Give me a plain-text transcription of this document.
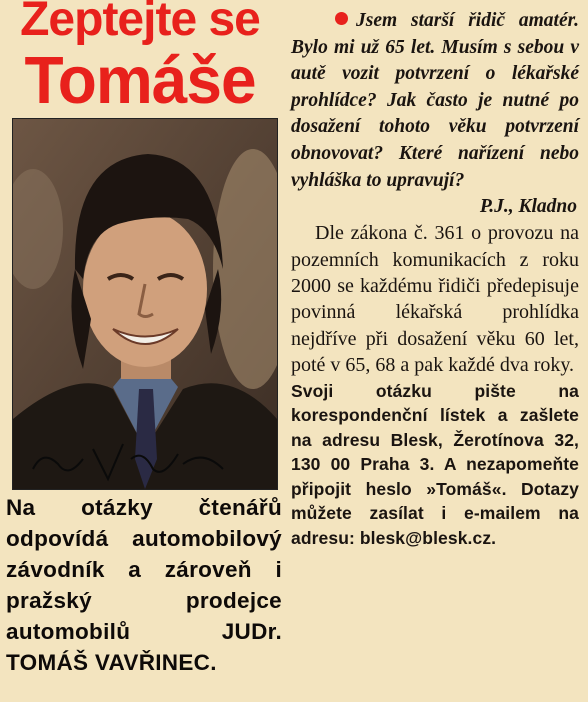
Zeptejte se
Tomáše
Na otázky čtenářů odpovídá automobilový závodník a zároveň i pražský prodejce automobilů JUDr. TOMÁŠ VAVŘINEC.

Jsem starší řidič amatér. Bylo mi už 65 let. Musím s sebou v autě vozit potvrzení o lékařské prohlídce? Jak často je nutné po dosažení tohoto věku potvrzení obnovovat? Které nařízení nebo vyhláška to upravují?

P.J., Kladno

Dle zákona č. 361 o provozu na pozemních komunikacích z roku 2000 se každému řidiči předepisuje povinná lékařská prohlídka nejdříve při dosažení věku 60 let, poté v 65, 68 a pak každé dva roky.

Svoji otázku pište na korespondenční lístek a zašlete na adresu Blesk, Žerotínova 32, 130 00 Praha 3. A nezapomeňte připojit heslo »Tomáš«. Dotazy můžete zasílat i e-mailem na adresu: blesk@blesk.cz.
